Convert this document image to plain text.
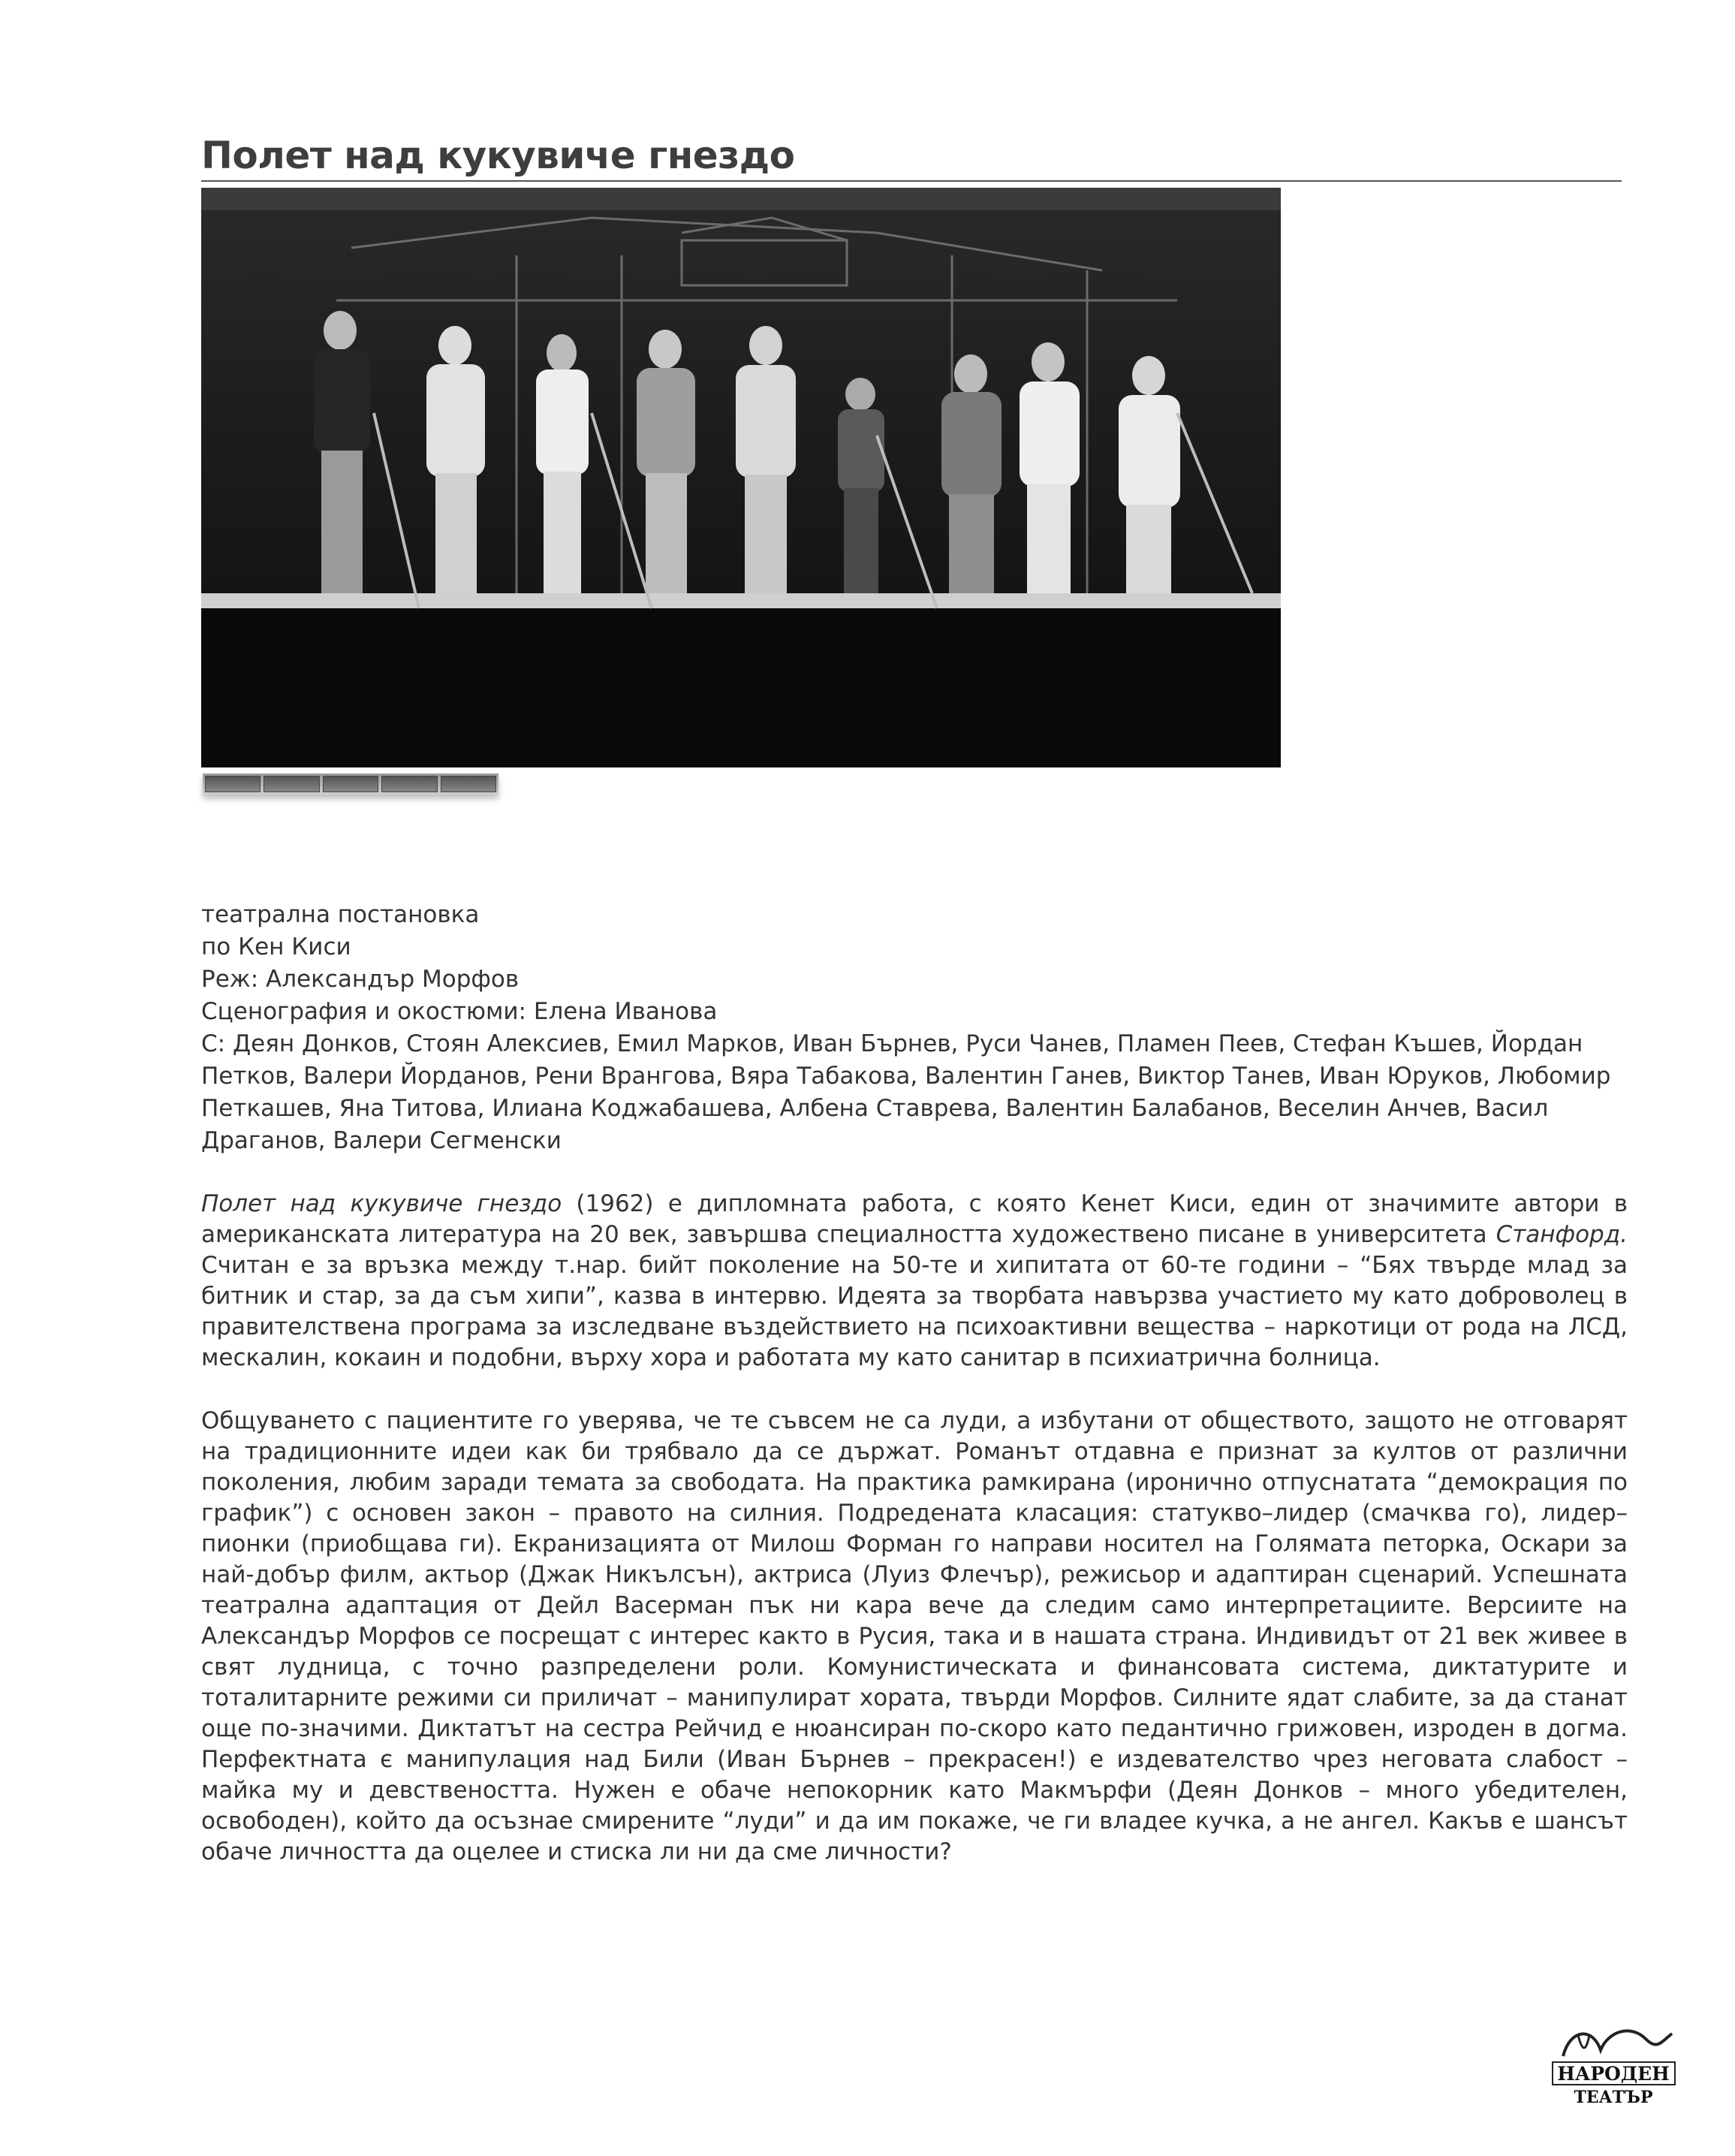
Полет над кукувиче гнездо
театрална постановка
по Кен Киси
Реж: Александър Морфов
Сценография и окостюми: Елена Иванова
С: Деян Донков, Стоян Алексиев, Емил Марков, Иван Бърнев, Руси Чанев, Пламен Пеев, Стефан Къшев, Йордан Петков, Валери Йорданов, Рени Врангова, Вяра Табакова, Валентин Ганев, Виктор Танев, Иван Юруков, Любомир Петкашев, Яна Титова, Илиана Коджабашева, Албена Ставрева, Валентин Балабанов, Веселин Анчев, Васил Драганов, Валери Сегменски

Полет над кукувиче гнездо (1962) е дипломната работа, с която Кенет Киси, един от значимите автори в американската литература на 20 век, завършва специалността художествено писане в университета Станфорд. Считан е за връзка между т.нар. бийт поколение на 50-те и хипитата от 60-те години – “Бях твърде млад за битник и стар, за да съм хипи”, казва в интервю. Идеята за творбата навързва участието му като доброволец в правителствена програма за изследване въздействието на психоактивни вещества – наркотици от рода на ЛСД, мескалин, кокаин и подобни, върху хора и работата му като санитар в психиатрична болница.

Общуването с пациентите го уверява, че те съвсем не са луди, а избутани от обществото, защото не отговарят на традиционните идеи как би трябвало да се държат. Романът отдавна е признат за култов от различни поколения, любим заради темата за свободата. На практика рамкирана (иронично отпуснатата “демокрация по график”) с основен закон – правото на силния. Подредената класация: статукво–лидер (смачква го), лидер–пионки (приобщава ги). Екранизацията от Милош Форман го направи носител на Голямата петорка, Оскари за най-добър филм, актьор (Джак Никълсън), актриса (Луиз Флечър), режисьор и адаптиран сценарий. Успешната театрална адаптация от Дейл Васерман пък ни кара вече да следим само интерпретациите. Версиите на Александър Морфов се посрещат с интерес както в Русия, така и в нашата страна. Индивидът от 21 век живее в свят лудница, с точно разпределени роли. Комунистическата и финансовата система, диктатурите и тоталитарните режими си приличат – манипулират хората, твърди Морфов. Силните ядат слабите, за да станат още по-значими. Диктатът на сестра Рейчид е нюансиран по-скоро като педантично грижовен, изроден в догма. Перфектната є манипулация над Били (Иван Бърнев – прекрасен!) е издевателство чрез неговата слабост – майка му и девствеността. Нужен е обаче непокорник като Макмърфи (Деян Донков – много убедителен, освободен), който да осъзнае смирените “луди” и да им покаже, че ги владее кучка, а не ангел. Какъв е шансът обаче личността да оцелее и стиска ли ни да сме личности?

НАРОДЕН
ТЕАТЪР
